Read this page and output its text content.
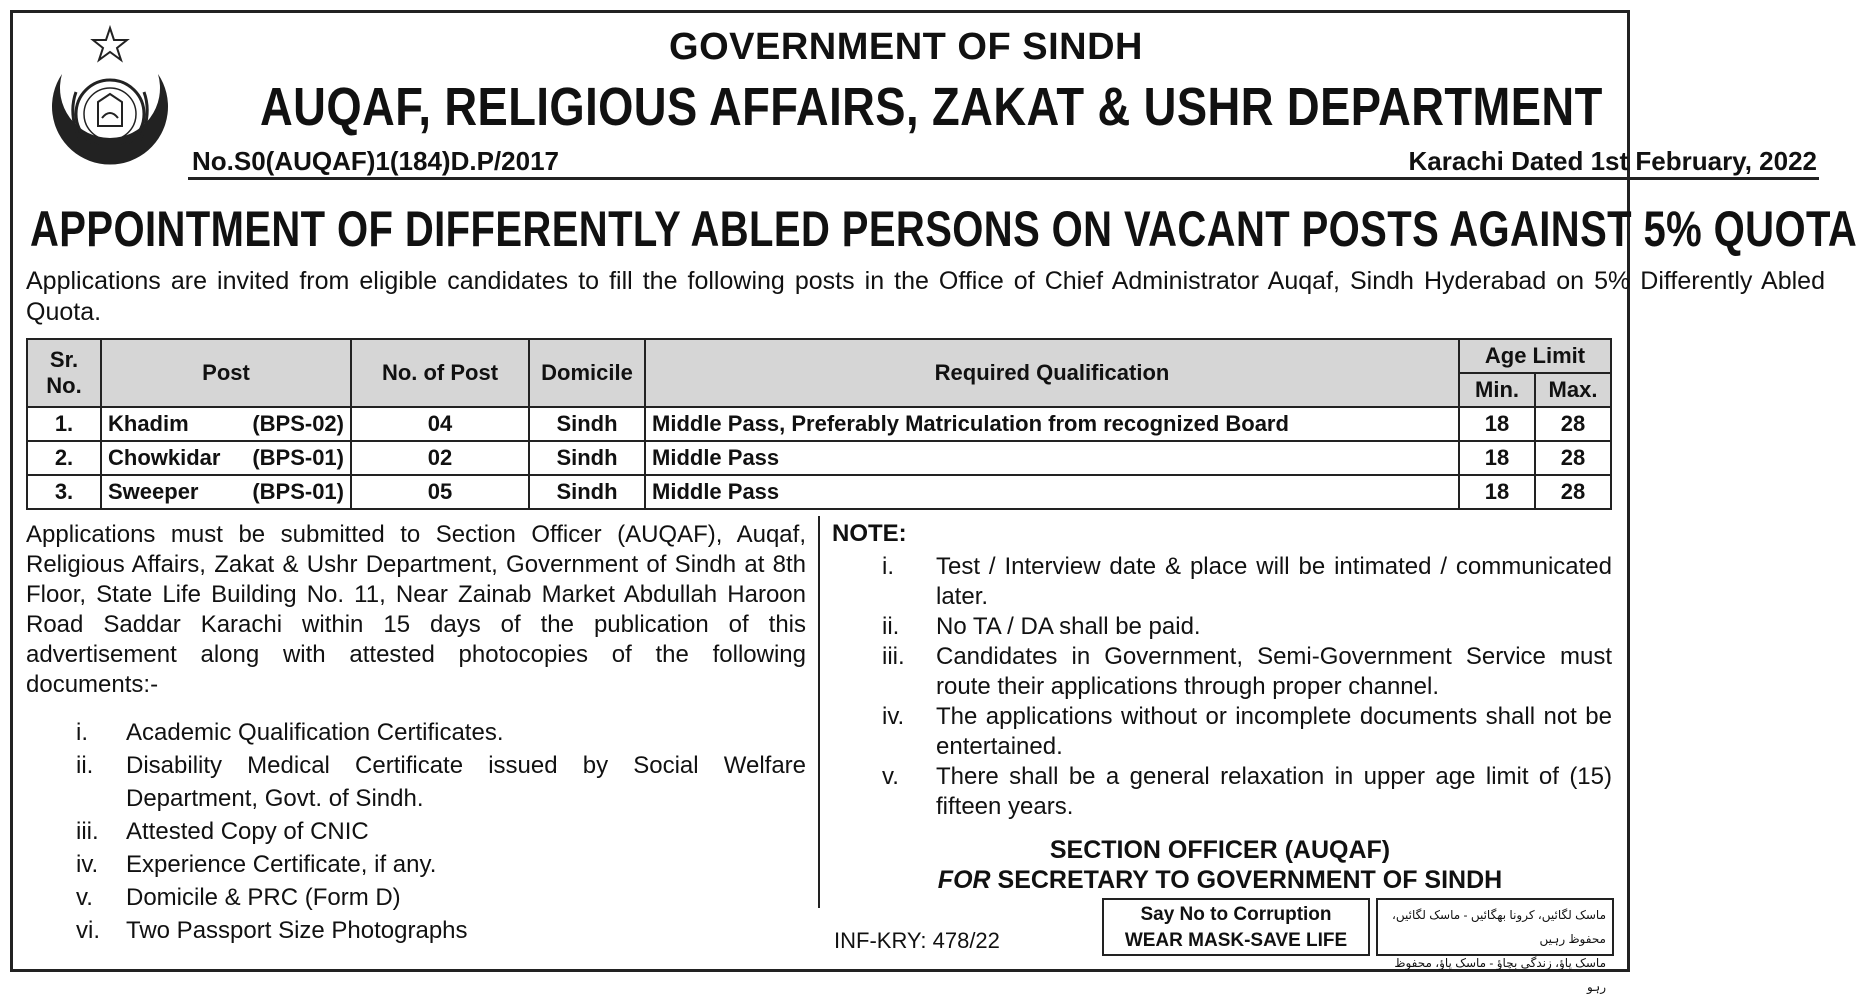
GOVERNMENT OF SINDH
AUQAF, RELIGIOUS AFFAIRS, ZAKAT & USHR DEPARTMENT
No.S0(AUQAF)1(184)D.P/2017	Karachi Dated 1st February, 2022
APPOINTMENT OF DIFFERENTLY ABLED PERSONS ON VACANT POSTS AGAINST 5% QUOTA
Applications are invited from eligible candidates to fill the following posts in the Office of Chief Administrator Auqaf, Sindh Hyderabad on 5% Differently Abled Quota.
Sr. No.	Post	No. of Post	Domicile	Required Qualification	Age Limit	
					Min.	Max.
1.	Khadim (BPS-02)	04	Sindh	Middle Pass, Preferably Matriculation from recognized Board	18	28
2.	Chowkidar (BPS-01)	02	Sindh	Middle Pass	18	28
3.	Sweeper (BPS-01)	05	Sindh	Middle Pass	18	28
Applications must be submitted to Section Officer (AUQAF), Auqaf, Religious Affairs, Zakat & Ushr Department, Government of Sindh at 8th Floor, State Life Building No. 11, Near Zainab Market Abdullah Haroon Road Saddar Karachi within 15 days of the publication of this advertisement along with attested photocopies of the following documents:-
i.	Academic Qualification Certificates.
ii.	Disability Medical Certificate issued by Social Welfare Department, Govt. of Sindh.
iii.	Attested Copy of CNIC
iv.	Experience Certificate, if any.
v.	Domicile & PRC (Form D)
vi.	Two Passport Size Photographs
NOTE:
i.	Test / Interview date & place will be intimated / communicated later.
ii.	No TA / DA shall be paid.
iii.	Candidates in Government, Semi-Government Service must route their applications through proper channel.
iv.	The applications without or incomplete documents shall not be entertained.
v.	There shall be a general relaxation in upper age limit of (15) fifteen years.
SECTION OFFICER (AUQAF)
FOR SECRETARY TO GOVERNMENT OF SINDH
INF-KRY: 478/22
Say No to Corruption
WEAR MASK-SAVE LIFE
ماسک لگائیں، کرونا بھگائیں - ماسک لگائیں، محفوظ رہیں
ماسک پاؤ، زندگی بچاؤ - ماسک پاؤ، محفوظ رہو
